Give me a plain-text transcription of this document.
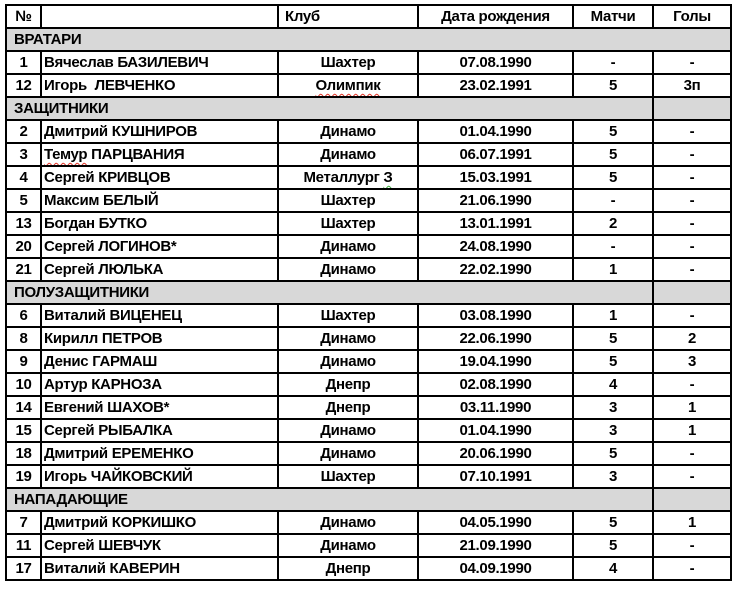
№		Клуб	Дата рождения	Матчи	Голы
ВРАТАРИ					
1	Вячеслав БАЗИЛЕВИЧ	Шахтер	07.08.1990	-	-
12	Игорь  ЛЕВЧЕНКО	Олимпик	23.02.1991	5	3п
ЗАЩИТНИКИ					
2	Дмитрий КУШНИРОВ	Динамо	01.04.1990	5	-
3	Темур ПАРЦВАНИЯ	Динамо	06.07.1991	5	-
4	Сергей КРИВЦОВ	Металлург З	15.03.1991	5	-
5	Максим БЕЛЫЙ	Шахтер	21.06.1990	-	-
13	Богдан БУТКО	Шахтер	13.01.1991	2	-
20	Сергей ЛОГИНОВ*	Динамо	24.08.1990	-	-
21	Сергей ЛЮЛЬКА	Динамо	22.02.1990	1	-
ПОЛУЗАЩИТНИКИ					
6	Виталий ВИЦЕНЕЦ	Шахтер	03.08.1990	1	-
8	Кирилл ПЕТРОВ	Динамо	22.06.1990	5	2
9	Денис ГАРМАШ	Динамо	19.04.1990	5	3
10	Артур КАРНОЗА	Днепр	02.08.1990	4	-
14	Евгений ШАХОВ*	Днепр	03.11.1990	3	1
15	Сергей РЫБАЛКА	Динамо	01.04.1990	3	1
18	Дмитрий ЕРЕМЕНКО	Динамо	20.06.1990	5	-
19	Игорь ЧАЙКОВСКИЙ	Шахтер	07.10.1991	3	-
НАПАДАЮЩИЕ					
7	Дмитрий КОРКИШКО	Динамо	04.05.1990	5	1
11	Сергей ШЕВЧУК	Динамо	21.09.1990	5	-
17	Виталий КАВЕРИН	Днепр	04.09.1990	4	-
